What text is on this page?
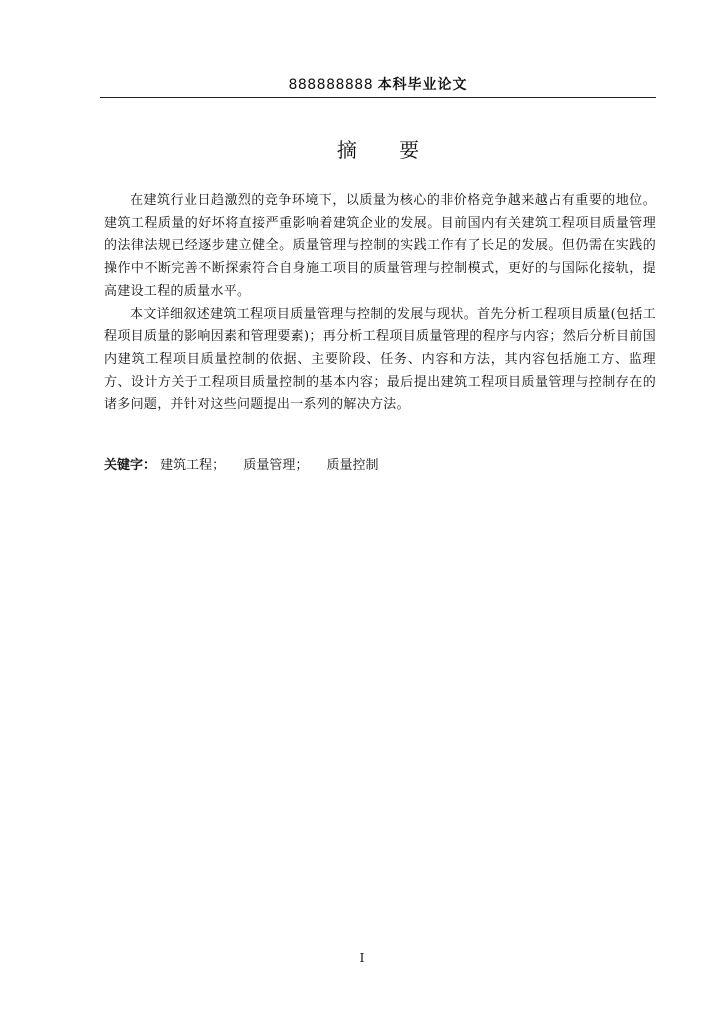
888888888 本科毕业论文
摘 要

在建筑行业日趋激烈的竞争环境下，以质量为核心的非价格竞争越来越占有重要的地位。建筑工程质量的好坏将直接严重影响着建筑企业的发展。目前国内有关建筑工程项目质量管理的法律法规已经逐步建立健全。质量管理与控制的实践工作有了长足的发展。但仍需在实践的操作中不断完善不断探索符合自身施工项目的质量管理与控制模式，更好的与国际化接轨，提高建设工程的质量水平。

本文详细叙述建筑工程项目质量管理与控制的发展与现状。首先分析工程项目质量(包括工程项目质量的影响因素和管理要素)；再分析工程项目质量管理的程序与内容；然后分析目前国内建筑工程项目质量控制的依据、主要阶段、任务、内容和方法，其内容包括施工方、监理方、设计方关于工程项目质量控制的基本内容；最后提出建筑工程项目质量管理与控制存在的诸多问题，并针对这些问题提出一系列的解决方法。

关键字： 建筑工程； 质量管理； 质量控制
I
